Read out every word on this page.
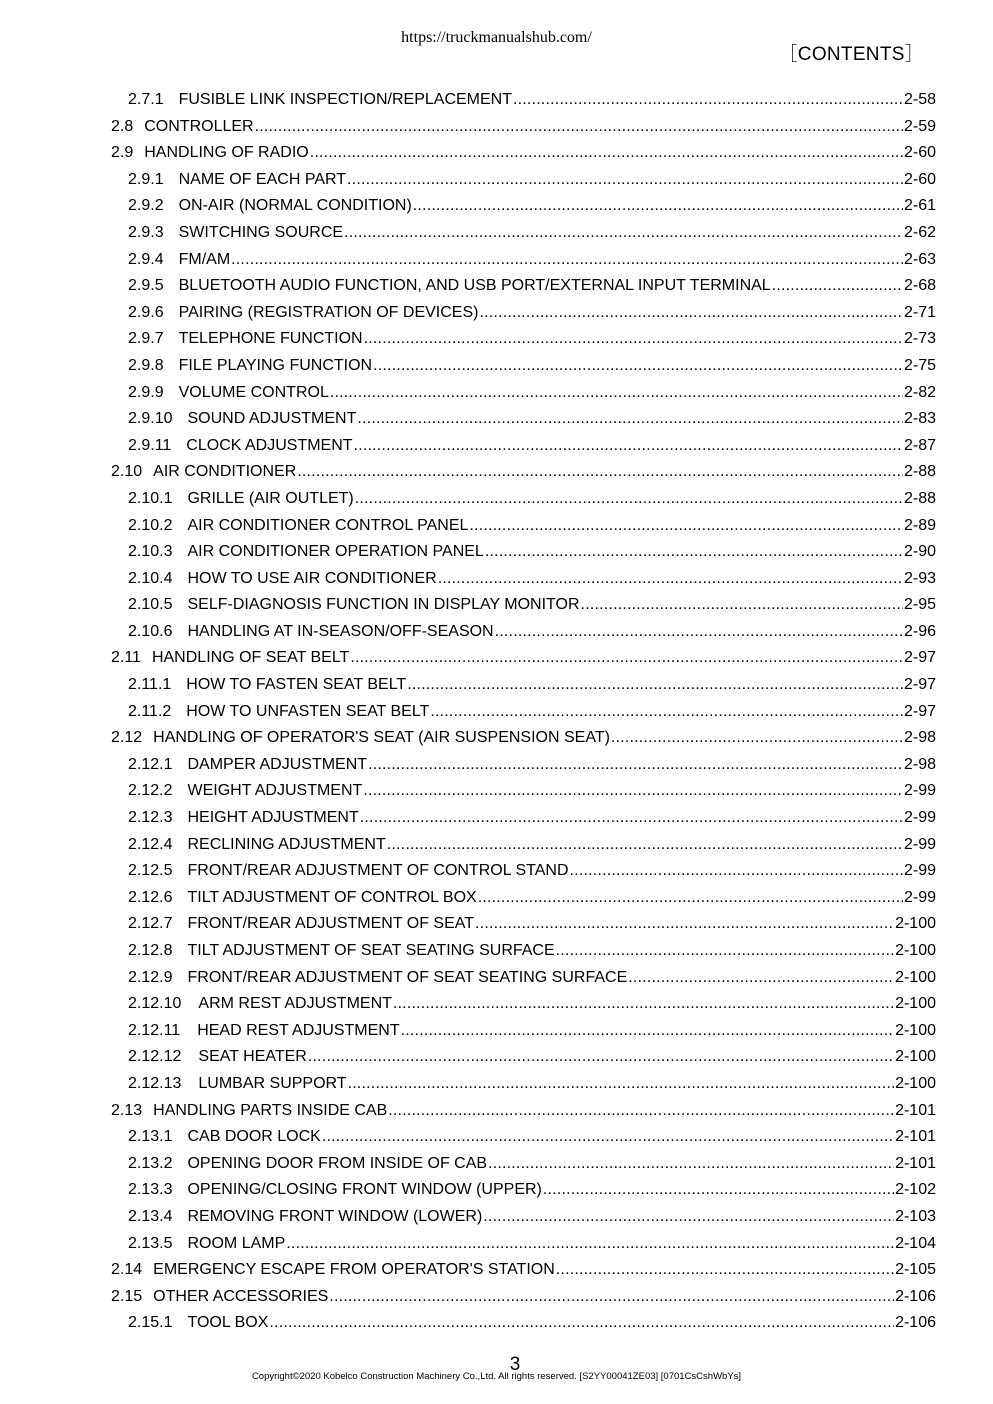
https://truckmanualshub.com/
［CONTENTS］
2.7.1 FUSIBLE LINK INSPECTION/REPLACEMENT .....	2-58
2.8 CONTROLLER .....	2-59
2.9 HANDLING OF RADIO .....	2-60
2.9.1 NAME OF EACH PART .....	2-60
2.9.2 ON-AIR (NORMAL CONDITION) .....	2-61
2.9.3 SWITCHING SOURCE .....	2-62
2.9.4 FM/AM .....	2-63
2.9.5 BLUETOOTH AUDIO FUNCTION, AND USB PORT/EXTERNAL INPUT TERMINAL .....	2-68
2.9.6 PAIRING (REGISTRATION OF DEVICES) .....	2-71
2.9.7 TELEPHONE FUNCTION .....	2-73
2.9.8 FILE PLAYING FUNCTION .....	2-75
2.9.9 VOLUME CONTROL .....	2-82
2.9.10 SOUND ADJUSTMENT .....	2-83
2.9.11 CLOCK ADJUSTMENT .....	2-87
2.10 AIR CONDITIONER .....	2-88
2.10.1 GRILLE (AIR OUTLET) .....	2-88
2.10.2 AIR CONDITIONER CONTROL PANEL .....	2-89
2.10.3 AIR CONDITIONER OPERATION PANEL .....	2-90
2.10.4 HOW TO USE AIR CONDITIONER .....	2-93
2.10.5 SELF-DIAGNOSIS FUNCTION IN DISPLAY MONITOR .....	2-95
2.10.6 HANDLING AT IN-SEASON/OFF-SEASON .....	2-96
2.11 HANDLING OF SEAT BELT .....	2-97
2.11.1 HOW TO FASTEN SEAT BELT .....	2-97
2.11.2 HOW TO UNFASTEN SEAT BELT .....	2-97
2.12 HANDLING OF OPERATOR'S SEAT (AIR SUSPENSION SEAT) .....	2-98
2.12.1 DAMPER ADJUSTMENT .....	2-98
2.12.2 WEIGHT ADJUSTMENT .....	2-99
2.12.3 HEIGHT ADJUSTMENT .....	2-99
2.12.4 RECLINING ADJUSTMENT .....	2-99
2.12.5 FRONT/REAR ADJUSTMENT OF CONTROL STAND .....	2-99
2.12.6 TILT ADJUSTMENT OF CONTROL BOX .....	2-99
2.12.7 FRONT/REAR ADJUSTMENT OF SEAT .....	2-100
2.12.8 TILT ADJUSTMENT OF SEAT SEATING SURFACE .....	2-100
2.12.9 FRONT/REAR ADJUSTMENT OF SEAT SEATING SURFACE .....	2-100
2.12.10 ARM REST ADJUSTMENT .....	2-100
2.12.11 HEAD REST ADJUSTMENT .....	2-100
2.12.12 SEAT HEATER .....	2-100
2.12.13 LUMBAR SUPPORT .....	2-100
2.13 HANDLING PARTS INSIDE CAB .....	2-101
2.13.1 CAB DOOR LOCK .....	2-101
2.13.2 OPENING DOOR FROM INSIDE OF CAB .....	2-101
2.13.3 OPENING/CLOSING FRONT WINDOW (UPPER) .....	2-102
2.13.4 REMOVING FRONT WINDOW (LOWER) .....	2-103
2.13.5 ROOM LAMP .....	2-104
2.14 EMERGENCY ESCAPE FROM OPERATOR'S STATION .....	2-105
2.15 OTHER ACCESSORIES .....	2-106
2.15.1 TOOL BOX .....	2-106
3
Copyright©2020 Kobelco Construction Machinery Co.,Ltd. All rights reserved. [S2YY00041ZE03] [0701CsCshWbYs]
